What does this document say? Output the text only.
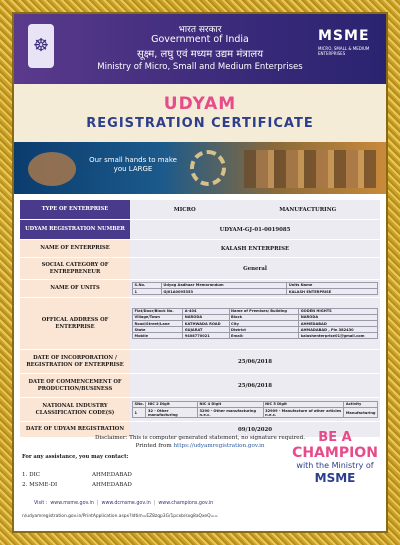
☸
भारत सरकार
Government of India
सूक्ष्म, लघु एवं मध्यम उद्यम मंत्रालय
Ministry of Micro, Small and Medium Enterprises
MSME
MICRO, SMALL & MEDIUM ENTERPRISES
UDYAM
REGISTRATION CERTIFICATE
Our small hands to make you LARGE
TYPE OF ENTERPRISE	MICRO	MANUFACTURING
UDYAM REGISTRATION NUMBER	UDYAM-GJ-01-0019085
NAME OF ENTERPRISE	KALASH ENTERPRISE
SOCIAL CATEGORY OF ENTREPRENEUR	General
NAME OF UNITS	S.No.	Udyog Aadhaar Memorandum	Units Name
1	GJ01A0095353	KALASH ENTERPRISE
OFFICAL ADDRESS OF ENTERPRISE
Flat/Door/Block No.	A-404	Name of Premises/ Building	GODEN HIGHTS
Village/Town	NARODA	Block	NARODA
Road/Street/Lane	KATHWADA ROAD	City	AHMEDABAD
State	GUJARAT	District	AHMADABAD , Pin 382430
Mobile	9408770021	Email:	kalashenterprise01@gmail.com
DATE OF INCORPORATION / REGISTRATION OF ENTERPRISE	25/06/2018
DATE OF COMMENCEMENT OF PRODUCTION/BUSINESS	25/06/2018
NATIONAL INDUSTRY CLASSIFICATION CODE(S)
SNo.	NIC 2 Digit	NIC 4 Digit	NIC 5 Digit	Activity
1	32 - Other manufacturing	3290 - Other manufacturing n.e.c.	32909 - Manufacture of other articles n.e.c.	Manufacturing
DATE OF UDYAM REGISTRATION	09/10/2020
Disclaimer: This is computer generated statement, no signature required.
Printed from https://udyamregistration.gov.in
For any assistance, you may contact:
1. DIC	AHMEDABAD
2. MSME-DI	AHMEDABAD
BE A
CHAMPION
with the Ministry of
MSME
Visit : www.msme.gov.in | www.dcmsme.gov.in | www.champions.gov.in
n/udyamregistration.gov.in/PrintApplication.aspx?ldtim=EZ8zqp3G/1pcxb/sxg8aQxeQ==
